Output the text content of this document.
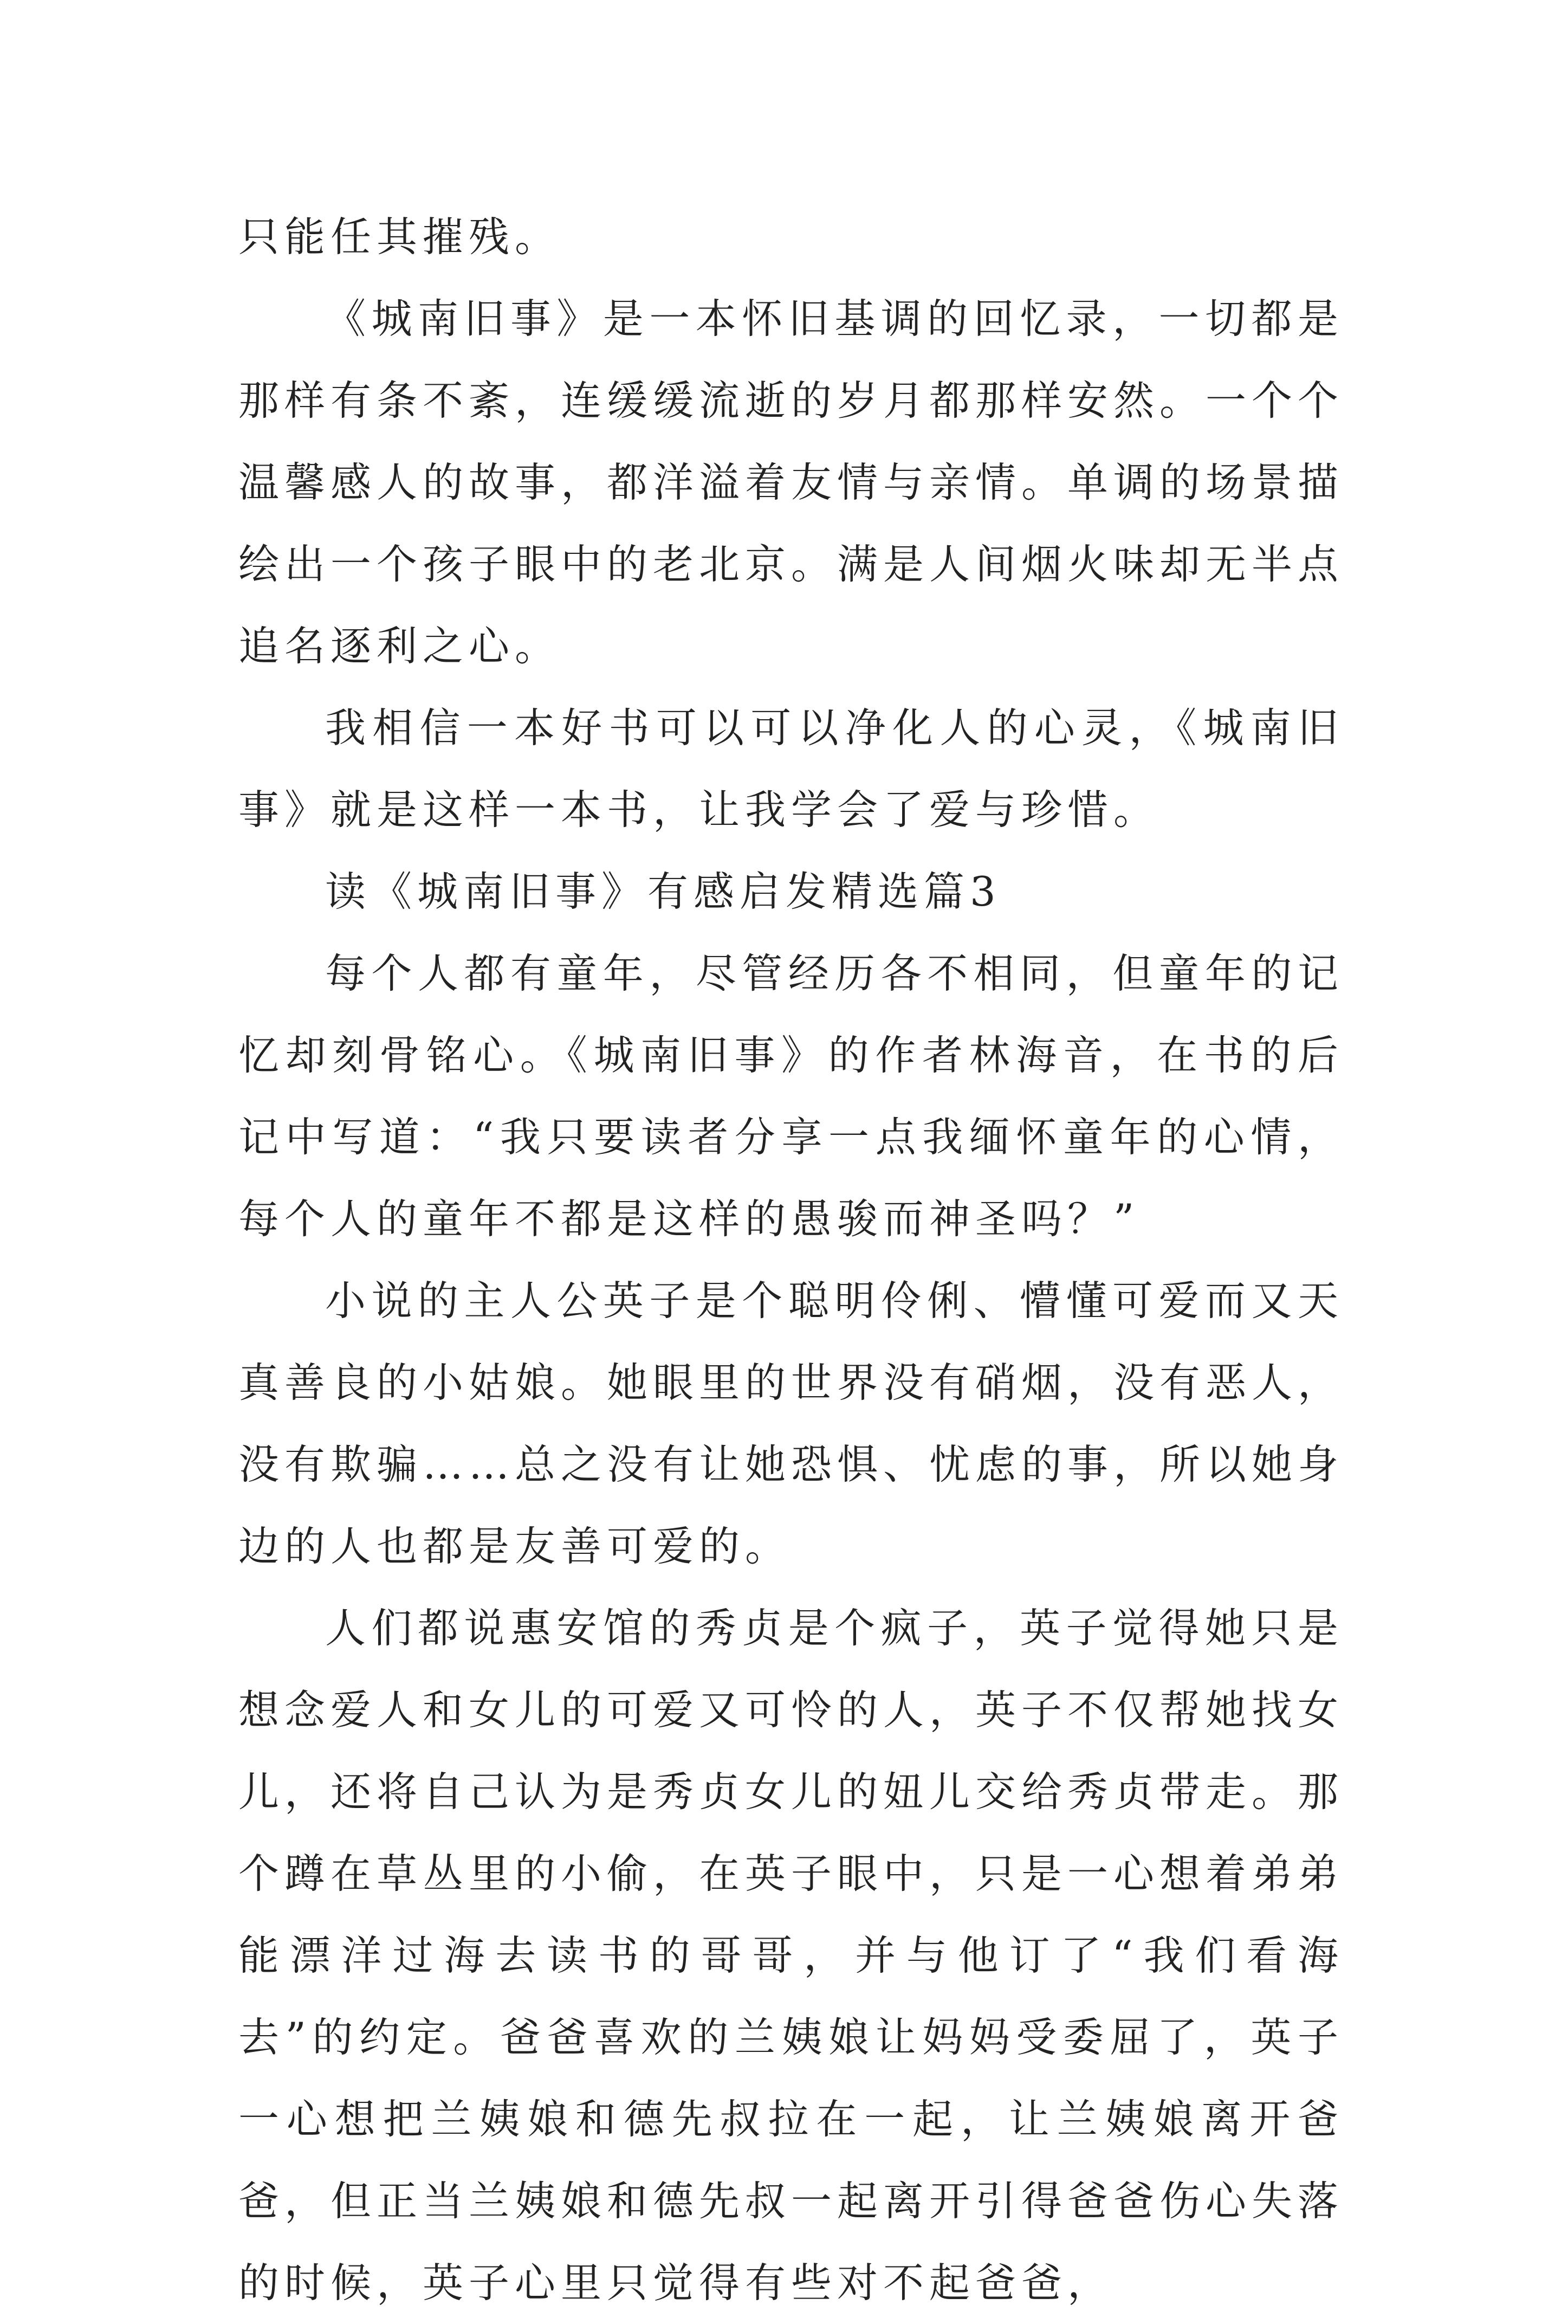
只能任其摧残。

《城南旧事》是一本怀旧基调的回忆录，一切都是那样有条不紊，连缓缓流逝的岁月都那样安然。一个个温馨感人的故事，都洋溢着友情与亲情。单调的场景描绘出一个孩子眼中的老北京。满是人间烟火味却无半点追名逐利之心。

我相信一本好书可以可以净化人的心灵，《城南旧事》就是这样一本书，让我学会了爱与珍惜。

读《城南旧事》有感启发精选篇3

每个人都有童年，尽管经历各不相同，但童年的记忆却刻骨铭心。《城南旧事》的作者林海音，在书的后记中写道：“我只要读者分享一点我缅怀童年的心情，每个人的童年不都是这样的愚骏而神圣吗？”

小说的主人公英子是个聪明伶俐、懵懂可爱而又天真善良的小姑娘。她眼里的世界没有硝烟，没有恶人，没有欺骗……总之没有让她恐惧、忧虑的事，所以她身边的人也都是友善可爱的。

人们都说惠安馆的秀贞是个疯子，英子觉得她只是想念爱人和女儿的可爱又可怜的人，英子不仅帮她找女儿，还将自己认为是秀贞女儿的妞儿交给秀贞带走。那个蹲在草丛里的小偷，在英子眼中，只是一心想着弟弟能漂洋过海去读书的哥哥，并与他订了“我们看海去”的约定。爸爸喜欢的兰姨娘让妈妈受委屈了，英子一心想把兰姨娘和德先叔拉在一起，让兰姨娘离开爸爸，但正当兰姨娘和德先叔一起离开引得爸爸伤心失落的时候，英子心里只觉得有些对不起爸爸，
